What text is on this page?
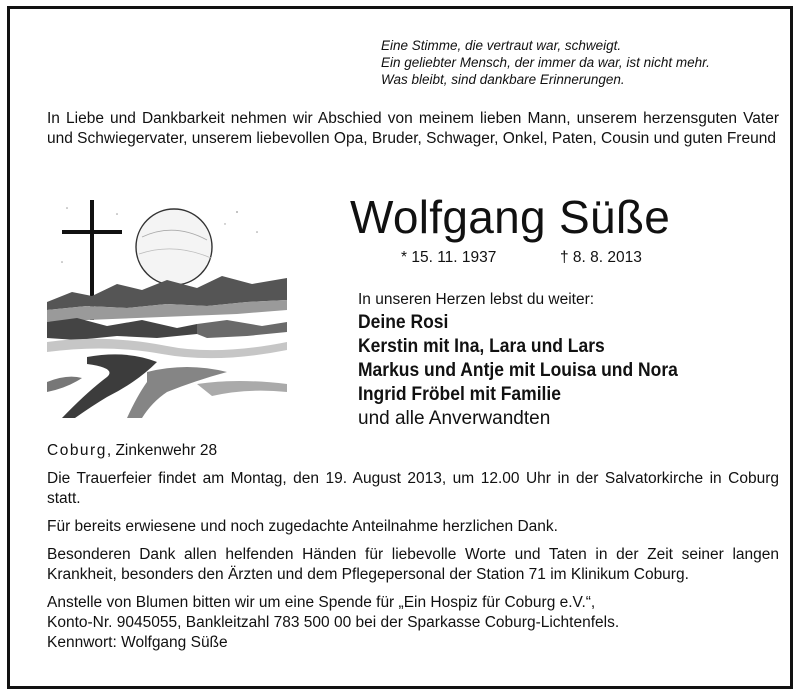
Eine Stimme, die vertraut war, schweigt.
Ein geliebter Mensch, der immer da war, ist nicht mehr.
Was bleibt, sind dankbare Erinnerungen.
In Liebe und Dankbarkeit nehmen wir Abschied von meinem lieben Mann, unserem herzensguten Vater und Schwiegervater, unserem liebevollen Opa, Bruder, Schwager, Onkel, Paten, Cousin und guten Freund
Wolfgang Süße
* 15. 11. 1937	† 8. 8. 2013
In unseren Herzen lebst du weiter:
Deine Rosi
Kerstin mit Ina, Lara und Lars
Markus und Antje mit Louisa und Nora
Ingrid Fröbel mit Familie
und alle Anverwandten
Coburg, Zinkenwehr 28

Die Trauerfeier findet am Montag, den 19. August 2013, um 12.00 Uhr in der Salvatorkirche in Coburg statt.

Für bereits erwiesene und noch zugedachte Anteilnahme herzlichen Dank.

Besonderen Dank allen helfenden Händen für liebevolle Worte und Taten in der Zeit seiner langen Krankheit, besonders den Ärzten und dem Pflegepersonal der Station 71 im Klinikum Coburg.

Anstelle von Blumen bitten wir um eine Spende für „Ein Hospiz für Coburg e.V.“,
Konto-Nr. 9045055, Bankleitzahl 783 500 00 bei der Sparkasse Coburg-Lichtenfels.
Kennwort: Wolfgang Süße
